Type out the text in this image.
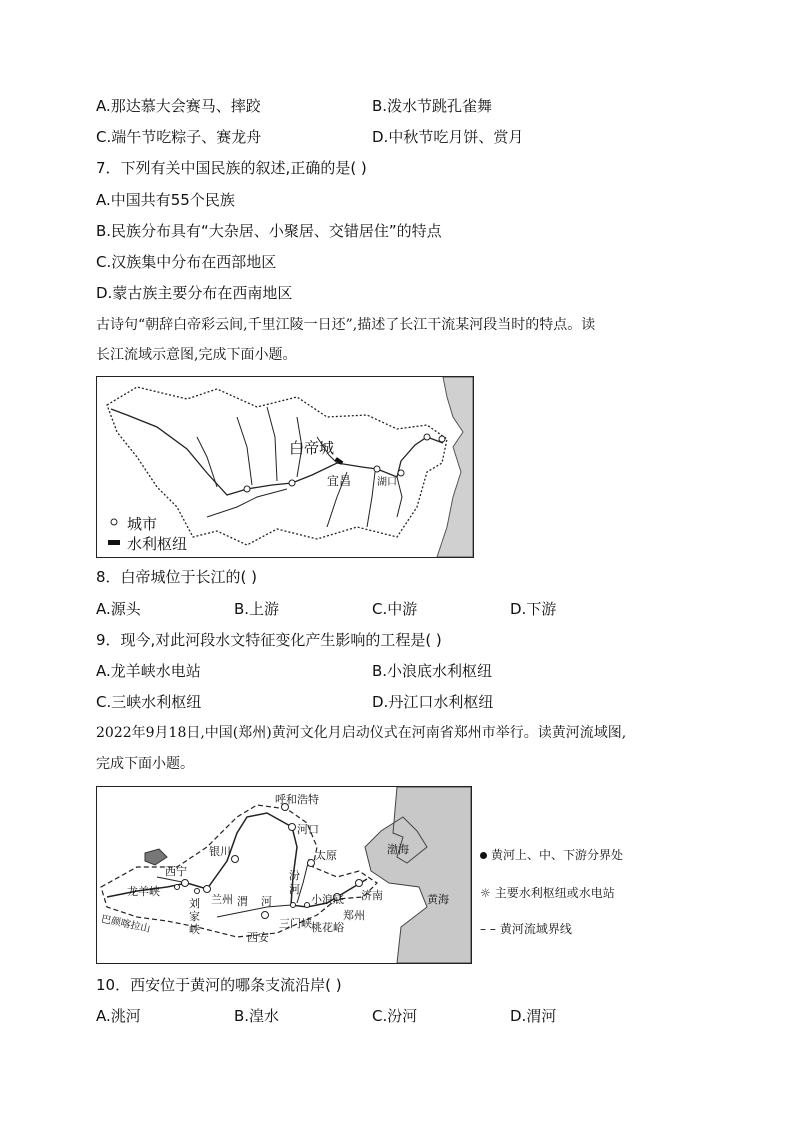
A.那达慕大会赛马、摔跤	B.泼水节跳孔雀舞
C.端午节吃粽子、赛龙舟	D.中秋节吃月饼、赏月
7．下列有关中国民族的叙述,正确的是( )
A.中国共有55个民族
B.民族分布具有“大杂居、小聚居、交错居住”的特点
C.汉族集中分布在西部地区
D.蒙古族主要分布在西南地区
古诗句“朝辞白帝彩云间,千里江陵一日还”,描述了长江干流某河段当时的特点。读
长江流域示意图,完成下面小题。
白帝城
宜昌	湖口
城市
水利枢纽
8．白帝城位于长江的( )
A.源头	B.上游	C.中游	D.下游
9．现今,对此河段水文特征变化产生影响的工程是( )
A.龙羊峡水电站	B.小浪底水利枢纽
C.三峡水利枢纽	D.丹江口水利枢纽
2022年9月18日,中国(郑州)黄河文化月启动仪式在河南省郑州市举行。读黄河流域图,
完成下面小题。
呼和浩特
河口
银川
西宁
太原
汾
河
小浪底 济南
渤海
黄海
龙羊峡
兰州
刘家峡
渭 河
三门峡 桃花峪
郑州
西安
巴颜喀拉山
黄河上、中、下游分界处
☼ 主要水利枢纽或水电站
– – 黄河流域界线
10．西安位于黄河的哪条支流沿岸( )
A.洮河	B.湟水	C.汾河	D.渭河
